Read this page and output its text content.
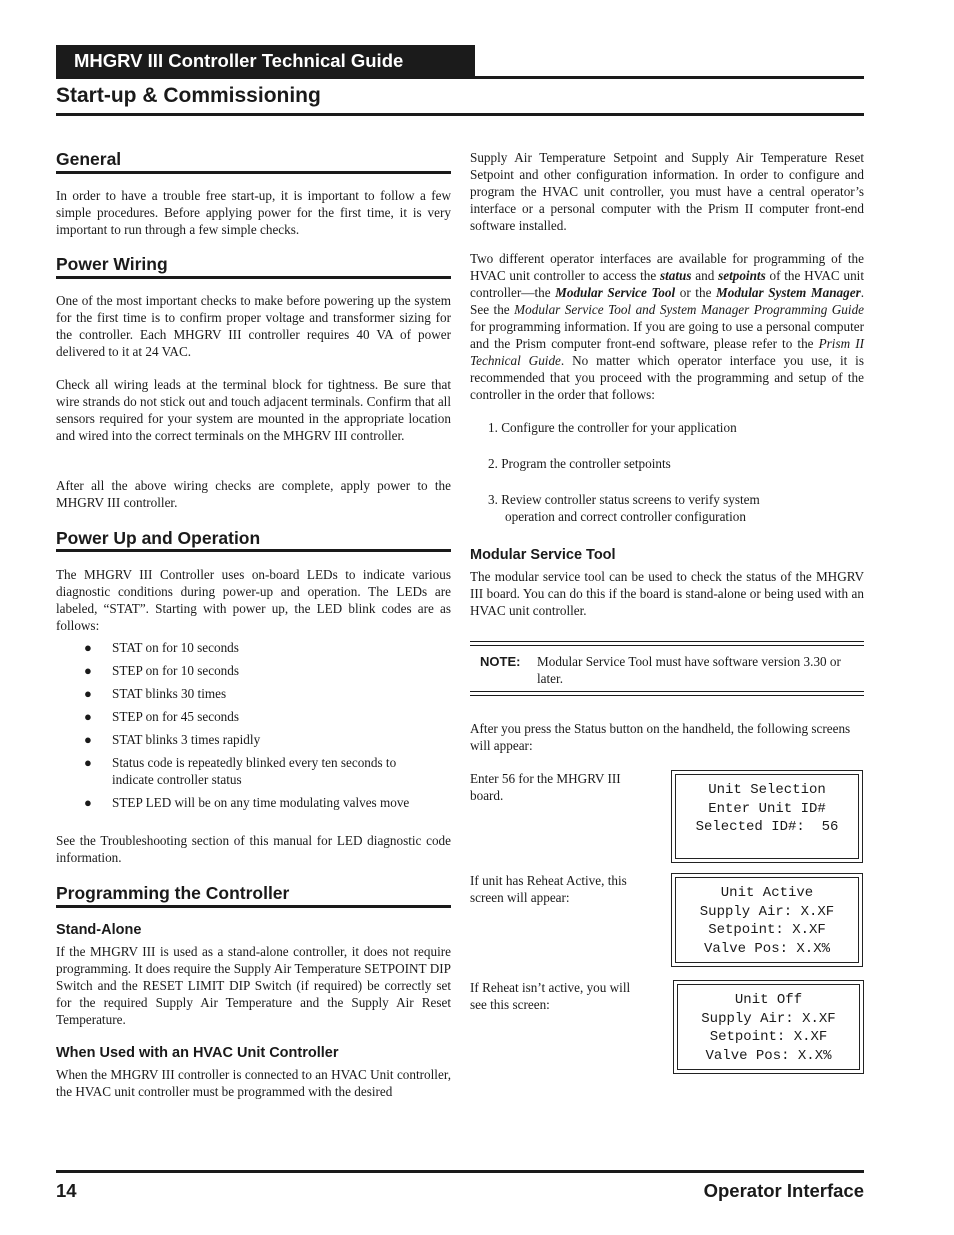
MHGRV III Controller Technical Guide
Start-up & Commissioning
General

In order to have a trouble free start-up, it is important to follow a few simple procedures. Before applying power for the first time, it is very important to run through a few simple checks.

Power Wiring

One of the most important checks to make before powering up the system for the first time is to confirm proper voltage and transformer sizing for the controller. Each MHGRV III controller requires 40 VA of power delivered to it at 24 VAC.

Check all wiring leads at the terminal block for tightness. Be sure that wire strands do not stick out and touch adjacent terminals. Confirm that all sensors required for your system are mounted in the appropriate location and wired into the correct terminals on the MHGRV III controller.

After all the above wiring checks are complete, apply power to the MHGRV III controller.

Power Up and Operation

The MHGRV III Controller uses on-board LEDs to indicate various diagnostic conditions during power-up and operation. The LEDs are labeled, “STAT”. Starting with power up, the LED blink codes are as follows:

● STAT on for 10 seconds
● STEP on for 10 seconds
● STAT blinks 30 times
● STEP on for 45 seconds
● STAT blinks 3 times rapidly
● Status code is repeatedly blinked every ten seconds to indicate controller status
● STEP LED will be on any time modulating valves move

See the Troubleshooting section of this manual for LED diagnostic code information.

Programming the Controller
Stand-Alone

If the MHGRV III is used as a stand-alone controller, it does not require programming. It does require the Supply Air Temperature SETPOINT DIP Switch and the RESET LIMIT DIP Switch (if required) be correctly set for the required Supply Air Temperature and the Supply Air Reset Temperature.

When Used with an HVAC Unit Controller

When the MHGRV III controller is connected to an HVAC Unit controller, the HVAC unit controller must be programmed with the desired

Supply Air Temperature Setpoint and Supply Air Temperature Reset Setpoint and other configuration information. In order to configure and program the HVAC unit controller, you must have a central operator’s interface or a personal computer with the Prism II computer front-end software installed.

Two different operator interfaces are available for programming of the HVAC unit controller to access the status and setpoints of the HVAC unit controller—the Modular Service Tool or the Modular System Manager. See the Modular Service Tool and System Manager Programming Guide for programming information. If you are going to use a personal computer and the Prism computer front-end software, please refer to the Prism II Technical Guide. No matter which operator interface you use, it is recommended that you proceed with the programming and setup of the controller in the order that follows:

1. Configure the controller for your application
2. Program the controller setpoints
3. Review controller status screens to verify system operation and correct controller configuration
Modular Service Tool

The modular service tool can be used to check the status of the MHGRV III board. You can do this if the board is stand-alone or being used with an HVAC unit controller.

NOTE: Modular Service Tool must have software version 3.30 or later.

After you press the Status button on the handheld, the following screens will appear:

Enter 56 for the MHGRV III board.	Unit Selection
Enter Unit ID#
Selected ID#:  56

If unit has Reheat Active, this screen will appear:	Unit Active
Supply Air: X.XF
Setpoint: X.XF
Valve Pos: X.X%

If Reheat isn’t active, you will see this screen:	Unit Off
Supply Air: X.XF
Setpoint: X.XF
Valve Pos: X.X%
14	Operator Interface
